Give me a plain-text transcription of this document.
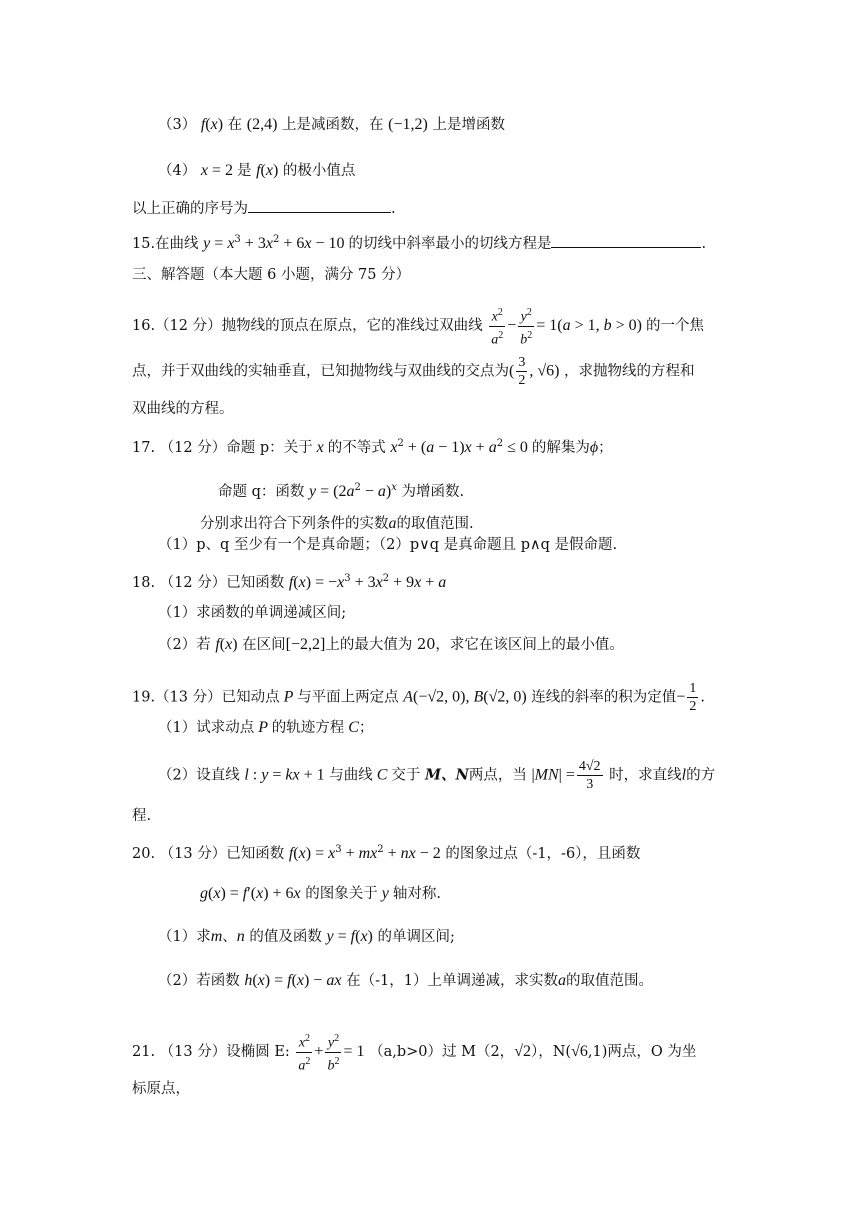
（3） f(x) 在 (2,4) 上是减函数，在 (−1,2) 上是增函数
（4） x = 2 是 f(x) 的极小值点
以上正确的序号为	.
15.在曲线 $y = x^3 + 3x^2 + 6x - 10$ 的切线中斜率最小的切线方程是	.
三、解答题（本大题 6 小题，满分 75 分）
16.（12 分）抛物线的顶点在原点，它的准线过双曲线 $\frac{x^2}{a^2} - \frac{y^2}{b^2} = 1(a > 1$, b > 0) 的一个焦
点，并于双曲线的实轴垂直，已知抛物线与双曲线的交点为( $\frac{3}{2}$ , √6) ，求抛物线的方程和
双曲线的方程。
17. （12 分）命题 p：关于 x 的不等式 $x^2 + (a - 1)x + a^2 \le 0$ 的解集为ϕ；
命题 q：函数 $y = (2a^2 - a)^x$ 为增函数.
分别求出符合下列条件的实数a的取值范围.
（1）p、q 至少有一个是真命题；（2）p∨q 是真命题且 p∧q 是假命题.
18. （12 分）已知函数 $f(x) = -x^3 + 3x^2 + 9x + a$
（1）求函数的单调递减区间;
（2）若 f(x) 在区间[−2,2]上的最大值为 20，求它在该区间上的最小值。
19.（13 分）已知动点 P 与平面上两定点 A(−√2, 0), B(√2, 0) 连线的斜率的积为定值− $\frac{1}{2}$ .
（1）试求动点 P 的轨迹方程 C；
（2）设直线 l : y = kx + 1 与曲线 C 交于 M、N两点，当 $|MN| = \frac{4√2}{3}$ 时，求直线l的方
程.
20. （13 分）已知函数 $f(x) = x^3 + mx^2$ + nx − 2 的图象过点（-1，-6），且函数
g(x) = f′(x) + 6x 的图象关于 y 轴对称.
（1）求m、n 的值及函数 y = f(x) 的单调区间;
（2）若函数 h(x) = f(x) − ax 在（-1，1）上单调递减，求实数a的取值范围。
21. （13 分）设椭圆 E: $\frac{x^2}{a^2} + \frac{y^2}{b^2} = 1$ （a,b>0）过 M（2，√2），N(√6,1)两点，O 为坐
标原点，
